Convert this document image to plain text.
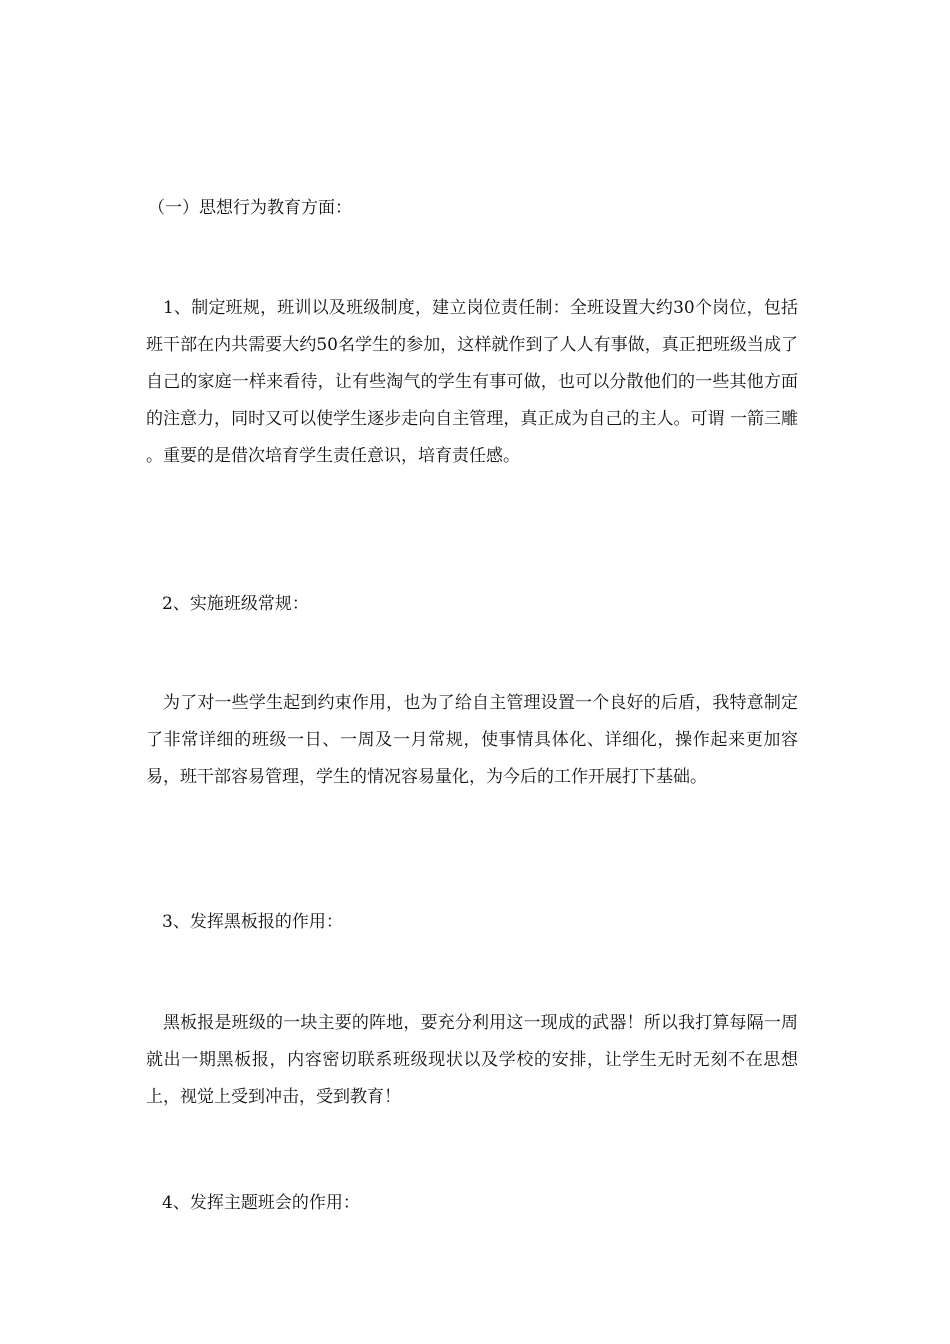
（一）思想行为教育方面：
1、制定班规，班训以及班级制度，建立岗位责任制：全班设置大约30个岗位，包括班干部在内共需要大约50名学生的参加，这样就作到了人人有事做，真正把班级当成了自己的家庭一样来看待，让有些淘气的学生有事可做，也可以分散他们的一些其他方面的注意力，同时又可以使学生逐步走向自主管理，真正成为自己的主人。可谓 一箭三雕 。重要的是借次培育学生责任意识，培育责任感。
2、实施班级常规：
为了对一些学生起到约束作用，也为了给自主管理设置一个良好的后盾，我特意制定了非常详细的班级一日、一周及一月常规，使事情具体化、详细化，操作起来更加容易，班干部容易管理，学生的情况容易量化，为今后的工作开展打下基础。
3、发挥黑板报的作用：
黑板报是班级的一块主要的阵地，要充分利用这一现成的武器！所以我打算每隔一周就出一期黑板报，内容密切联系班级现状以及学校的安排，让学生无时无刻不在思想上，视觉上受到冲击，受到教育！
4、发挥主题班会的作用：
